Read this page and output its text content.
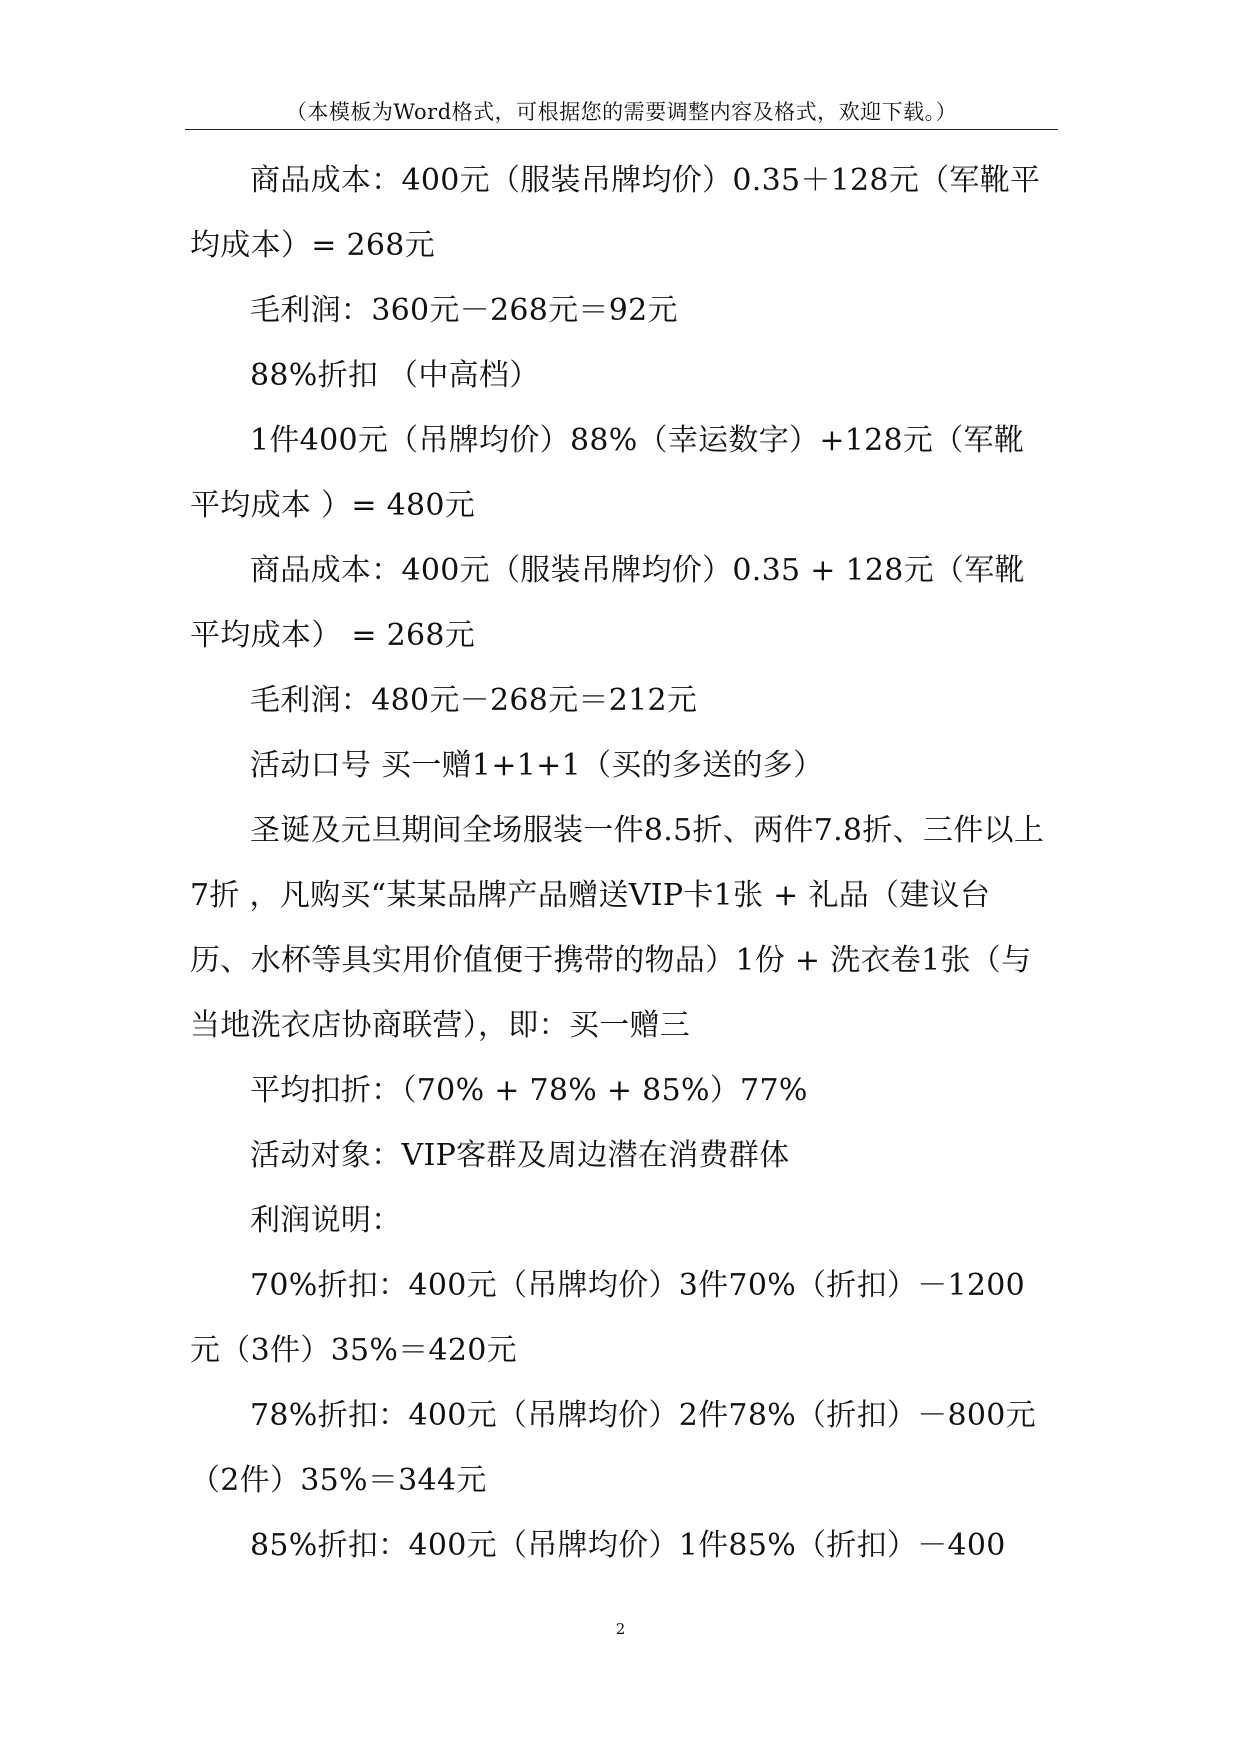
（本模板为Word格式，可根据您的需要调整内容及格式，欢迎下载。）

商品成本：400元（服装吊牌均价）0.35＋128元（军靴平均成本）= 268元

毛利润：360元－268元＝92元

88%折扣 （中高档）

1件400元（吊牌均价）88%（幸运数字）+128元（军靴平均成本 ）= 480元

商品成本：400元（服装吊牌均价）0.35 + 128元（军靴平均成本） = 268元

毛利润：480元－268元＝212元

活动口号 买一赠1+1+1（买的多送的多）

圣诞及元旦期间全场服装一件8.5折、两件7.8折、三件以上7折 ，凡购买“某某品牌产品赠送VIP卡1张 + 礼品（建议台历、水杯等具实用价值便于携带的物品）1份 + 洗衣卷1张（与当地洗衣店协商联营），即：买一赠三

平均扣折：（70% + 78% + 85%）77%

活动对象：VIP客群及周边潜在消费群体

利润说明：

70%折扣：400元（吊牌均价）3件70%（折扣）－1200元（3件）35%＝420元

78%折扣：400元（吊牌均价）2件78%（折扣）－800元（2件）35%＝344元

85%折扣：400元（吊牌均价）1件85%（折扣）－400

2
